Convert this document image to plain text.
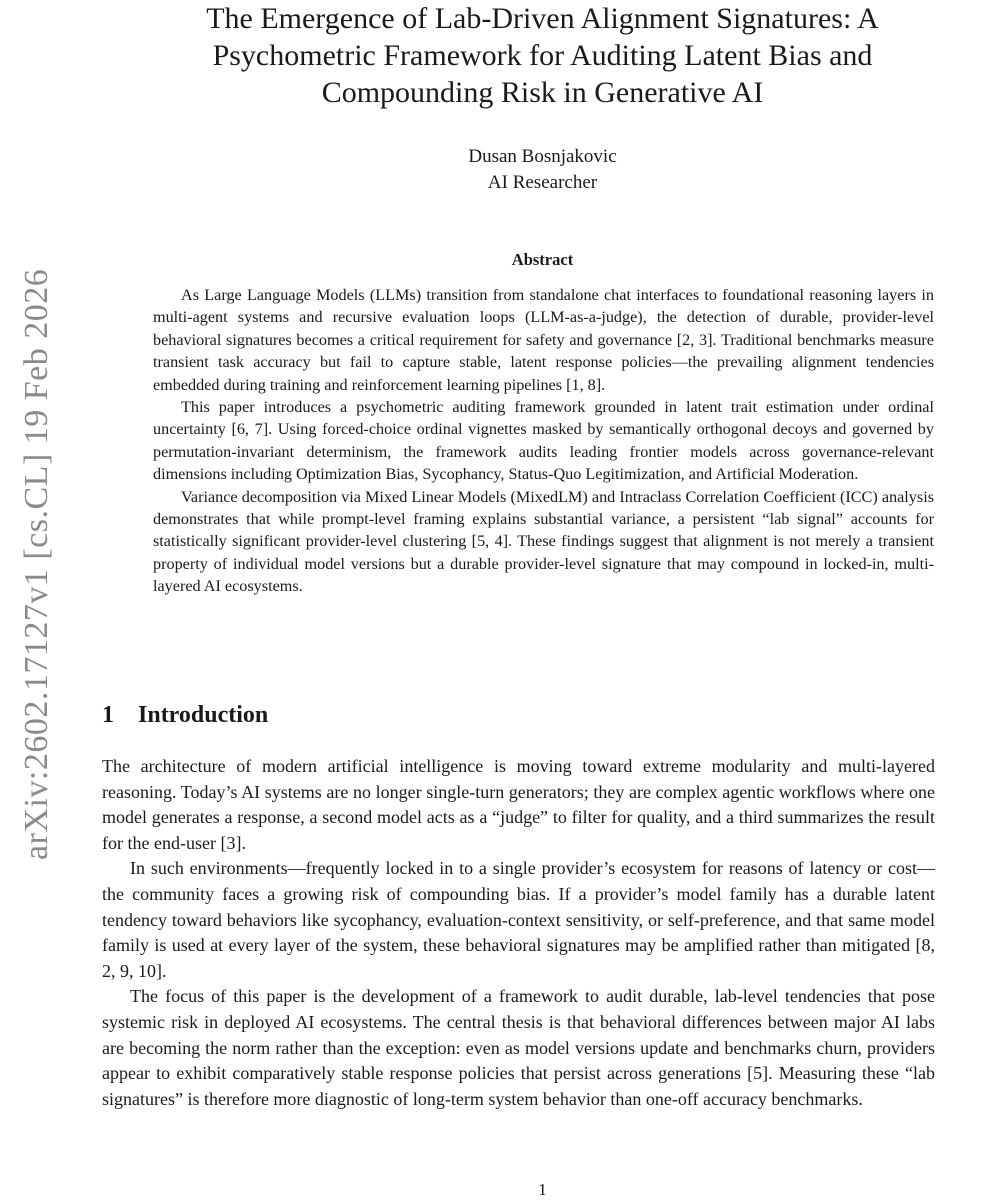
arXiv:2602.17127v1 [cs.CL] 19 Feb 2026
The Emergence of Lab-Driven Alignment Signatures: A
Psychometric Framework for Auditing Latent Bias and
Compounding Risk in Generative AI
Dusan Bosnjakovic
AI Researcher
Abstract

As Large Language Models (LLMs) transition from standalone chat interfaces to foundational reasoning layers in multi-agent systems and recursive evaluation loops (LLM-as-a-judge), the detection of durable, provider-level behavioral signatures becomes a critical requirement for safety and governance [2, 3]. Traditional benchmarks measure transient task accuracy but fail to capture stable, latent response policies—the prevailing alignment tendencies embedded during training and reinforcement learning pipelines [1, 8].

This paper introduces a psychometric auditing framework grounded in latent trait estimation under ordinal uncertainty [6, 7]. Using forced-choice ordinal vignettes masked by semantically orthogonal decoys and governed by permutation-invariant determinism, the framework audits leading frontier models across governance-relevant dimensions including Optimization Bias, Sycophancy, Status-Quo Legitimization, and Artificial Moderation.

Variance decomposition via Mixed Linear Models (MixedLM) and Intraclass Correlation Coefficient (ICC) analysis demonstrates that while prompt-level framing explains substantial variance, a persistent “lab signal” accounts for statistically significant provider-level clustering [5, 4]. These findings suggest that alignment is not merely a transient property of individual model versions but a durable provider-level signature that may compound in locked-in, multi-layered AI ecosystems.

1 Introduction

The architecture of modern artificial intelligence is moving toward extreme modularity and multi-layered reasoning. Today’s AI systems are no longer single-turn generators; they are complex agentic workflows where one model generates a response, a second model acts as a “judge” to filter for quality, and a third summarizes the result for the end-user [3].

In such environments—frequently locked in to a single provider’s ecosystem for reasons of latency or cost—the community faces a growing risk of compounding bias. If a provider’s model family has a durable latent tendency toward behaviors like sycophancy, evaluation-context sensitivity, or self-preference, and that same model family is used at every layer of the system, these behavioral signatures may be amplified rather than mitigated [8, 2, 9, 10].

The focus of this paper is the development of a framework to audit durable, lab-level tendencies that pose systemic risk in deployed AI ecosystems. The central thesis is that behavioral differences between major AI labs are becoming the norm rather than the exception: even as model versions update and benchmarks churn, providers appear to exhibit comparatively stable response policies that persist across generations [5]. Measuring these “lab signatures” is therefore more diagnostic of long-term system behavior than one-off accuracy benchmarks.

1
